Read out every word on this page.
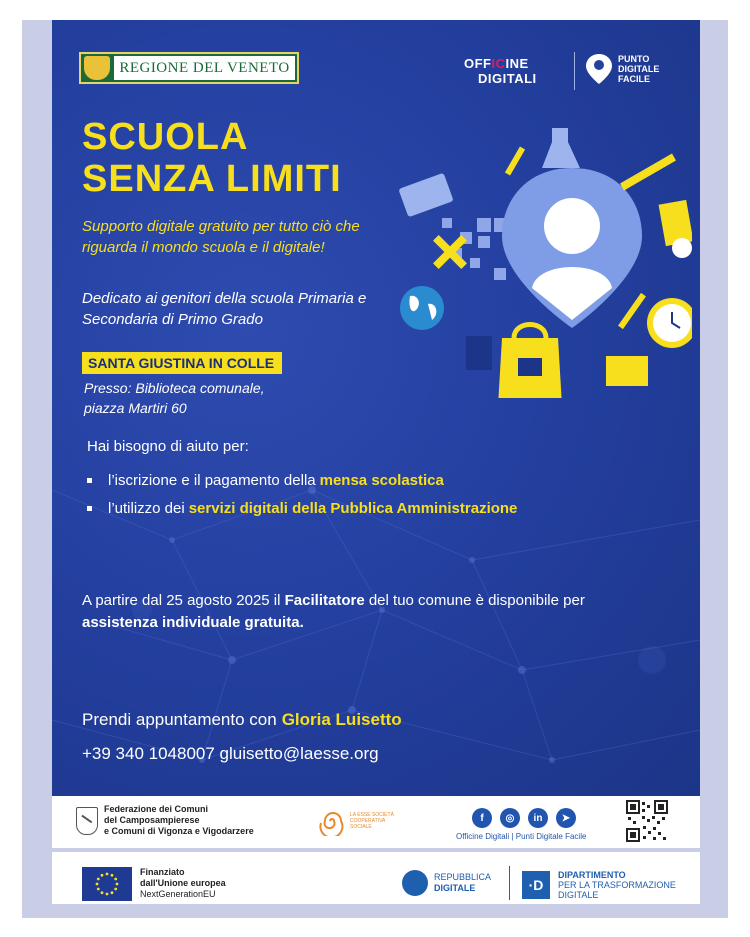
REGIONE DEL VENETO	OFFICINE
DIGITALI
PUNTO
DIGITALE
FACILE
SCUOLA
SENZA LIMITI
Supporto digitale gratuito per tutto ciò che riguarda il mondo scuola e il digitale!
Dedicato ai genitori della scuola Primaria e Secondaria di Primo Grado
SANTA GIUSTINA IN COLLE
Presso: Biblioteca comunale,
piazza Martiri 60
Hai bisogno di aiuto per:
l’iscrizione e il pagamento della mensa scolastica
l’utilizzo dei servizi digitali della Pubblica Amministrazione
A partire dal 25 agosto 2025 il Facilitatore del tuo comune è disponibile per assistenza individuale gratuita.
Prendi appuntamento con Gloria Luisetto
+39 340 1048007 gluisetto@laesse.org
Federazione dei Comuni
del Camposampierese
e Comuni di Vigonza e Vigodarzere
LA ESSE SOCIETÀ COOPERATIVA SOCIALE
f	◎	in	➤
Officine Digitali | Punti Digitale Facile
Finanziato
dall'Unione europea
NextGenerationEU
REPUBBLICA
DIGITALE	·D
DIPARTIMENTO
PER LA TRASFORMAZIONE
DIGITALE
